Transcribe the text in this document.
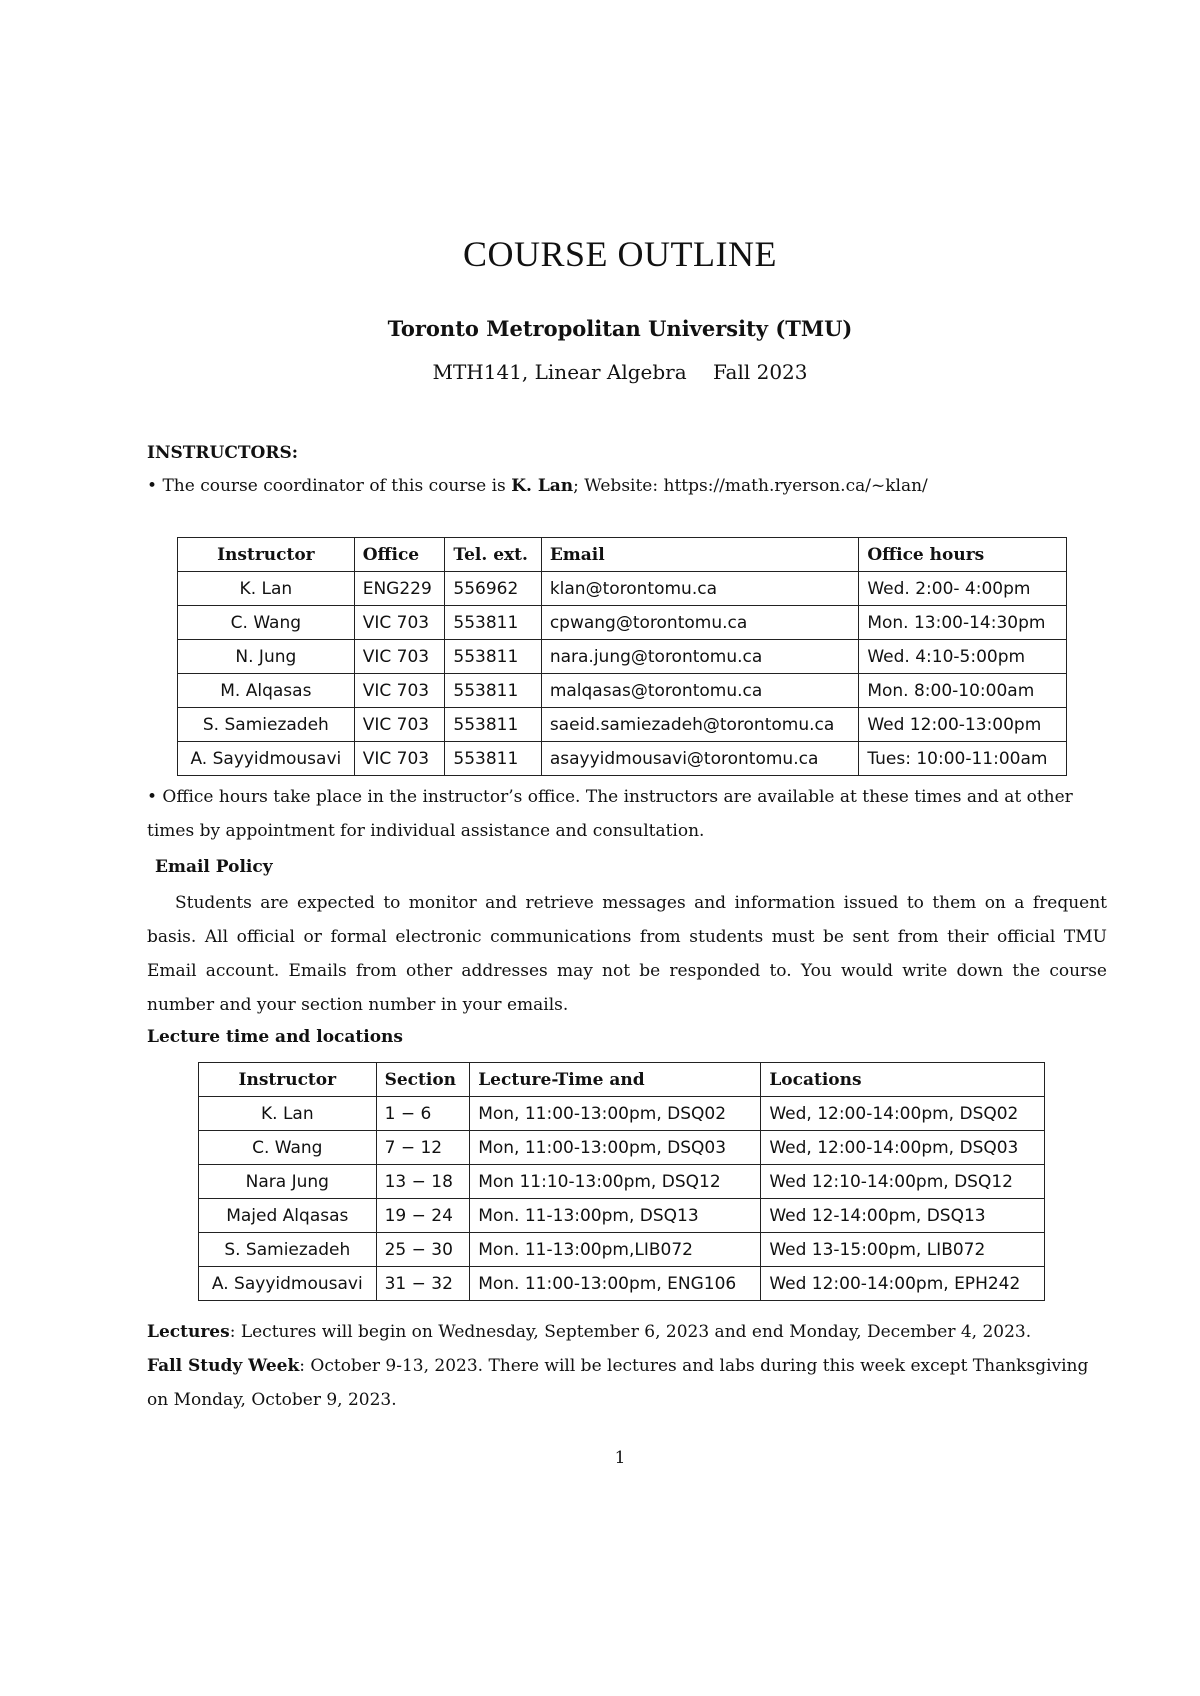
COURSE OUTLINE
Toronto Metropolitan University (TMU)
MTH141, Linear Algebra Fall 2023
INSTRUCTORS:
• The course coordinator of this course is K. Lan; Website: https://math.ryerson.ca/~klan/
Instructor	Office	Tel. ext.	Email	Office hours
K. Lan	ENG229	556962	klan@torontomu.ca	Wed. 2:00- 4:00pm
C. Wang	VIC 703	553811	cpwang@torontomu.ca	Mon. 13:00-14:30pm
N. Jung	VIC 703	553811	nara.jung@torontomu.ca	Wed. 4:10-5:00pm
M. Alqasas	VIC 703	553811	malqasas@torontomu.ca	Mon. 8:00-10:00am
S. Samiezadeh	VIC 703	553811	saeid.samiezadeh@torontomu.ca	Wed 12:00-13:00pm
A. Sayyidmousavi	VIC 703	553811	asayyidmousavi@torontomu.ca	Tues: 10:00-11:00am
• Office hours take place in the instructor’s office. The instructors are available at these times and at other times by appointment for individual assistance and consultation.
Email Policy
Students are expected to monitor and retrieve messages and information issued to them on a frequent basis. All official or formal electronic communications from students must be sent from their official TMU Email account. Emails from other addresses may not be responded to. You would write down the course number and your section number in your emails.
Lecture time and locations
Instructor	Section	Lecture-Time and	Locations
K. Lan	1 − 6	Mon, 11:00-13:00pm, DSQ02	Wed, 12:00-14:00pm, DSQ02
C. Wang	7 − 12	Mon, 11:00-13:00pm, DSQ03	Wed, 12:00-14:00pm, DSQ03
Nara Jung	13 − 18	Mon 11:10-13:00pm, DSQ12	Wed 12:10-14:00pm, DSQ12
Majed Alqasas	19 − 24	Mon. 11-13:00pm, DSQ13	Wed 12-14:00pm, DSQ13
S. Samiezadeh	25 − 30	Mon. 11-13:00pm,LIB072	Wed 13-15:00pm, LIB072
A. Sayyidmousavi	31 − 32	Mon. 11:00-13:00pm, ENG106	Wed 12:00-14:00pm, EPH242
Lectures: Lectures will begin on Wednesday, September 6, 2023 and end Monday, December 4, 2023.
Fall Study Week: October 9-13, 2023. There will be lectures and labs during this week except Thanksgiving on Monday, October 9, 2023.
1
